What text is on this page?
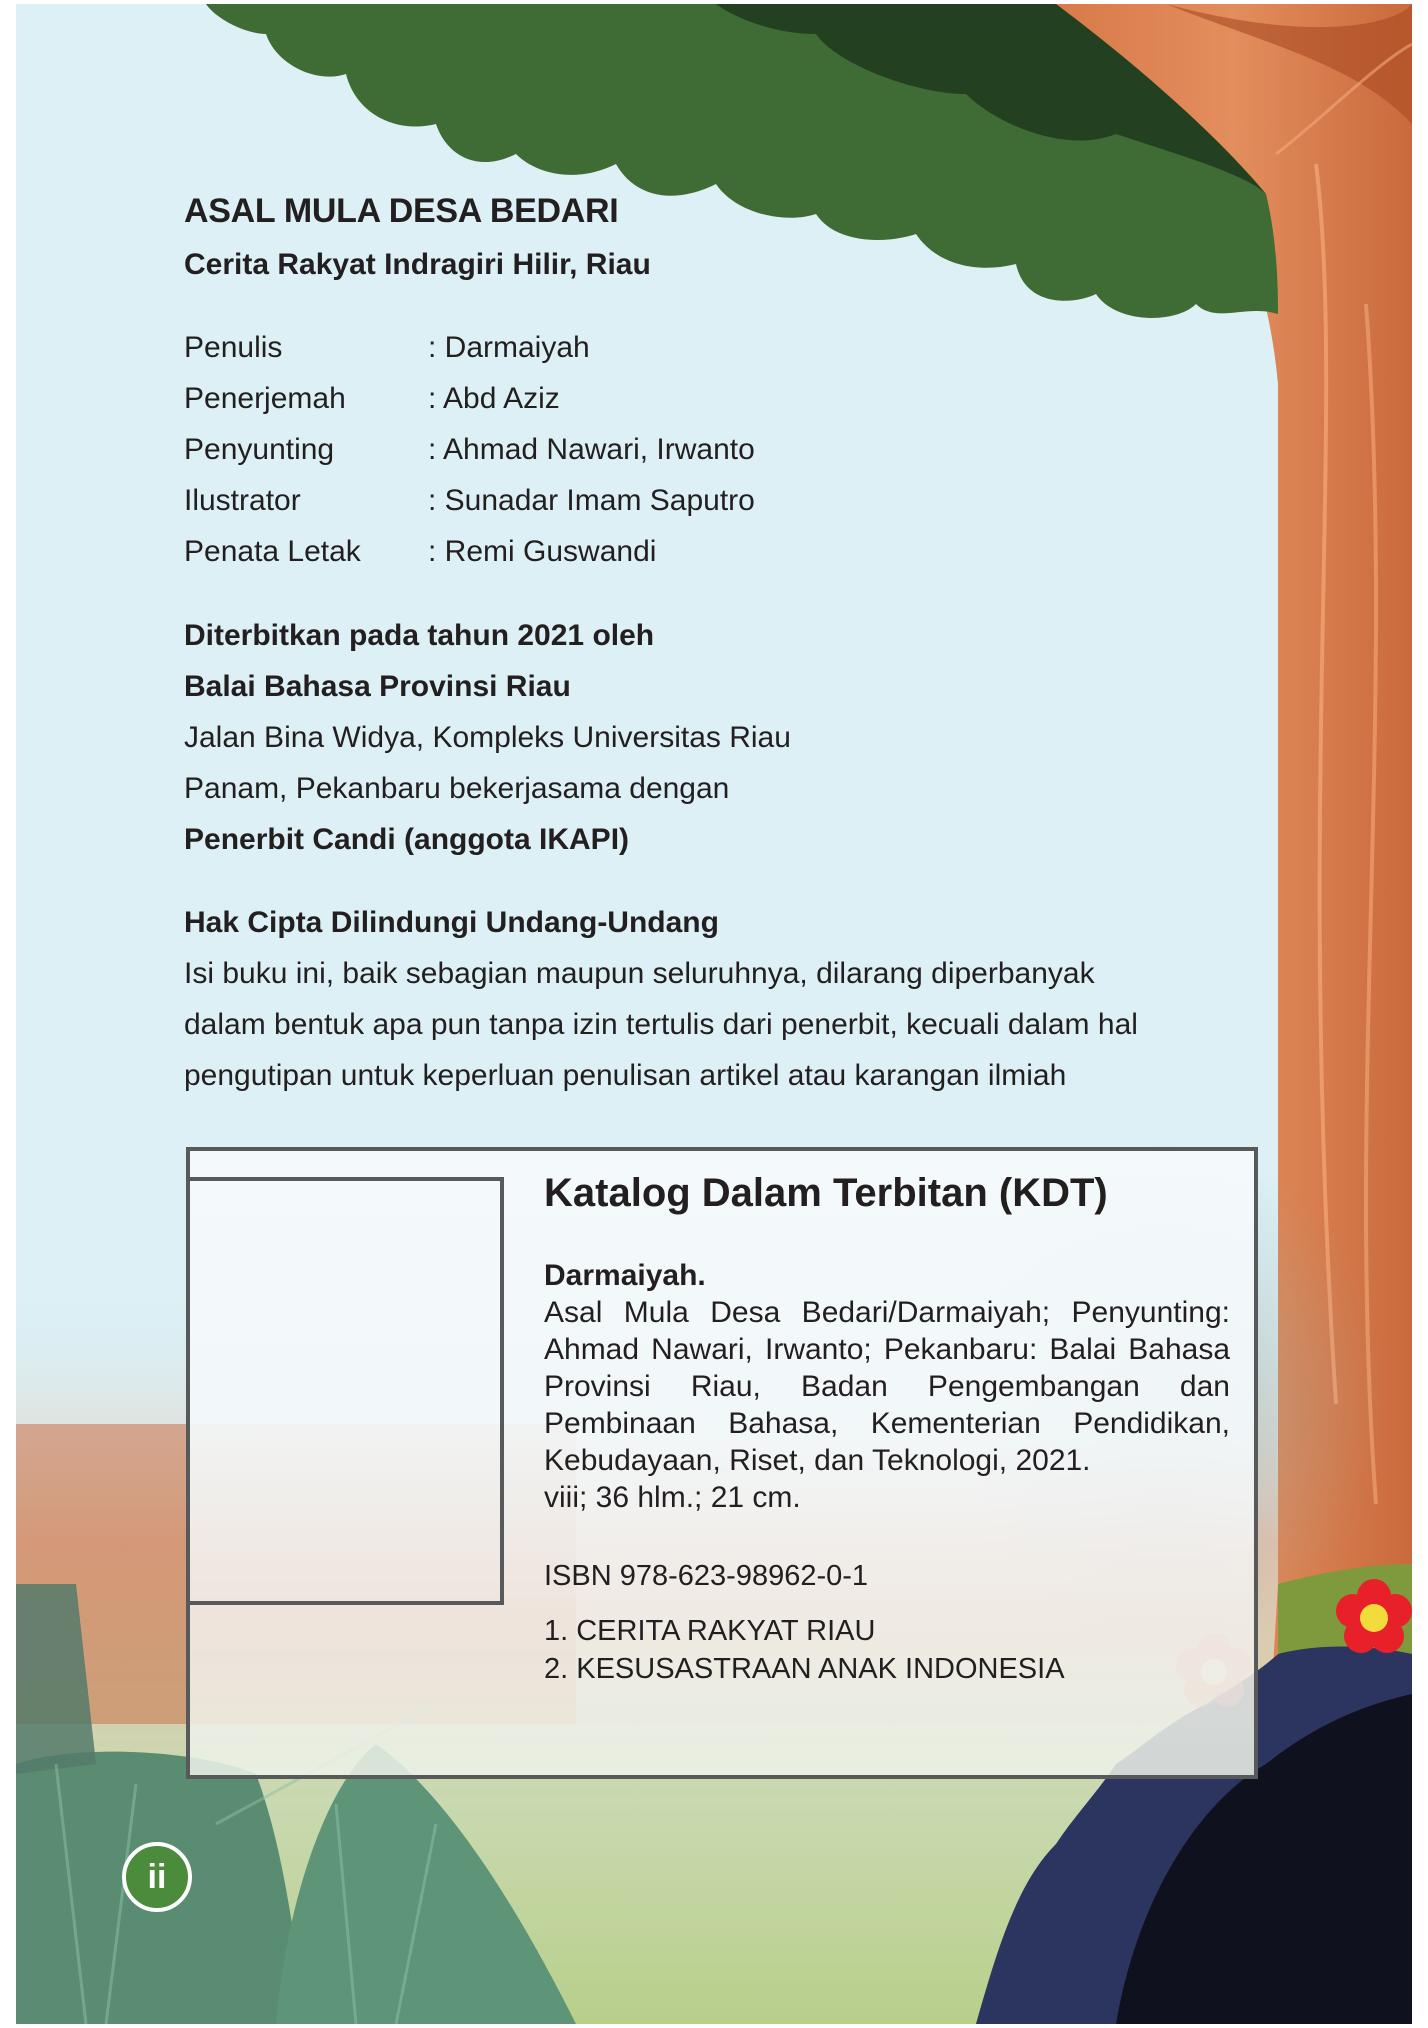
ASAL MULA DESA BEDARI
Cerita Rakyat Indragiri Hilir, Riau
Penulis	: Darmaiyah
Penerjemah	: Abd Aziz
Penyunting	: Ahmad Nawari, Irwanto
Ilustrator	: Sunadar Imam Saputro
Penata Letak : Remi Guswandi
Diterbitkan pada tahun 2021 oleh
Balai Bahasa Provinsi Riau
Jalan Bina Widya, Kompleks Universitas Riau
Panam, Pekanbaru bekerjasama dengan
Penerbit Candi (anggota IKAPI)
Hak Cipta Dilindungi Undang-Undang
Isi buku ini, baik sebagian maupun seluruhnya, dilarang diperbanyak
dalam bentuk apa pun tanpa izin tertulis dari penerbit, kecuali dalam hal
pengutipan untuk keperluan penulisan artikel atau karangan ilmiah
Katalog Dalam Terbitan (KDT)
Darmaiyah.
Asal Mula Desa Bedari/Darmaiyah; Penyunting: Ahmad Nawari, Irwanto; Pekanbaru: Balai Bahasa Provinsi Riau, Badan Pengembangan dan Pembinaan Bahasa, Kementerian Pendidikan, Kebudayaan, Riset, dan Teknologi, 2021.
viii; 36 hlm.; 21 cm.
ISBN 978-623-98962-0-1
1. CERITA RAKYAT RIAU
2. KESUSASTRAAN ANAK INDONESIA
ii
